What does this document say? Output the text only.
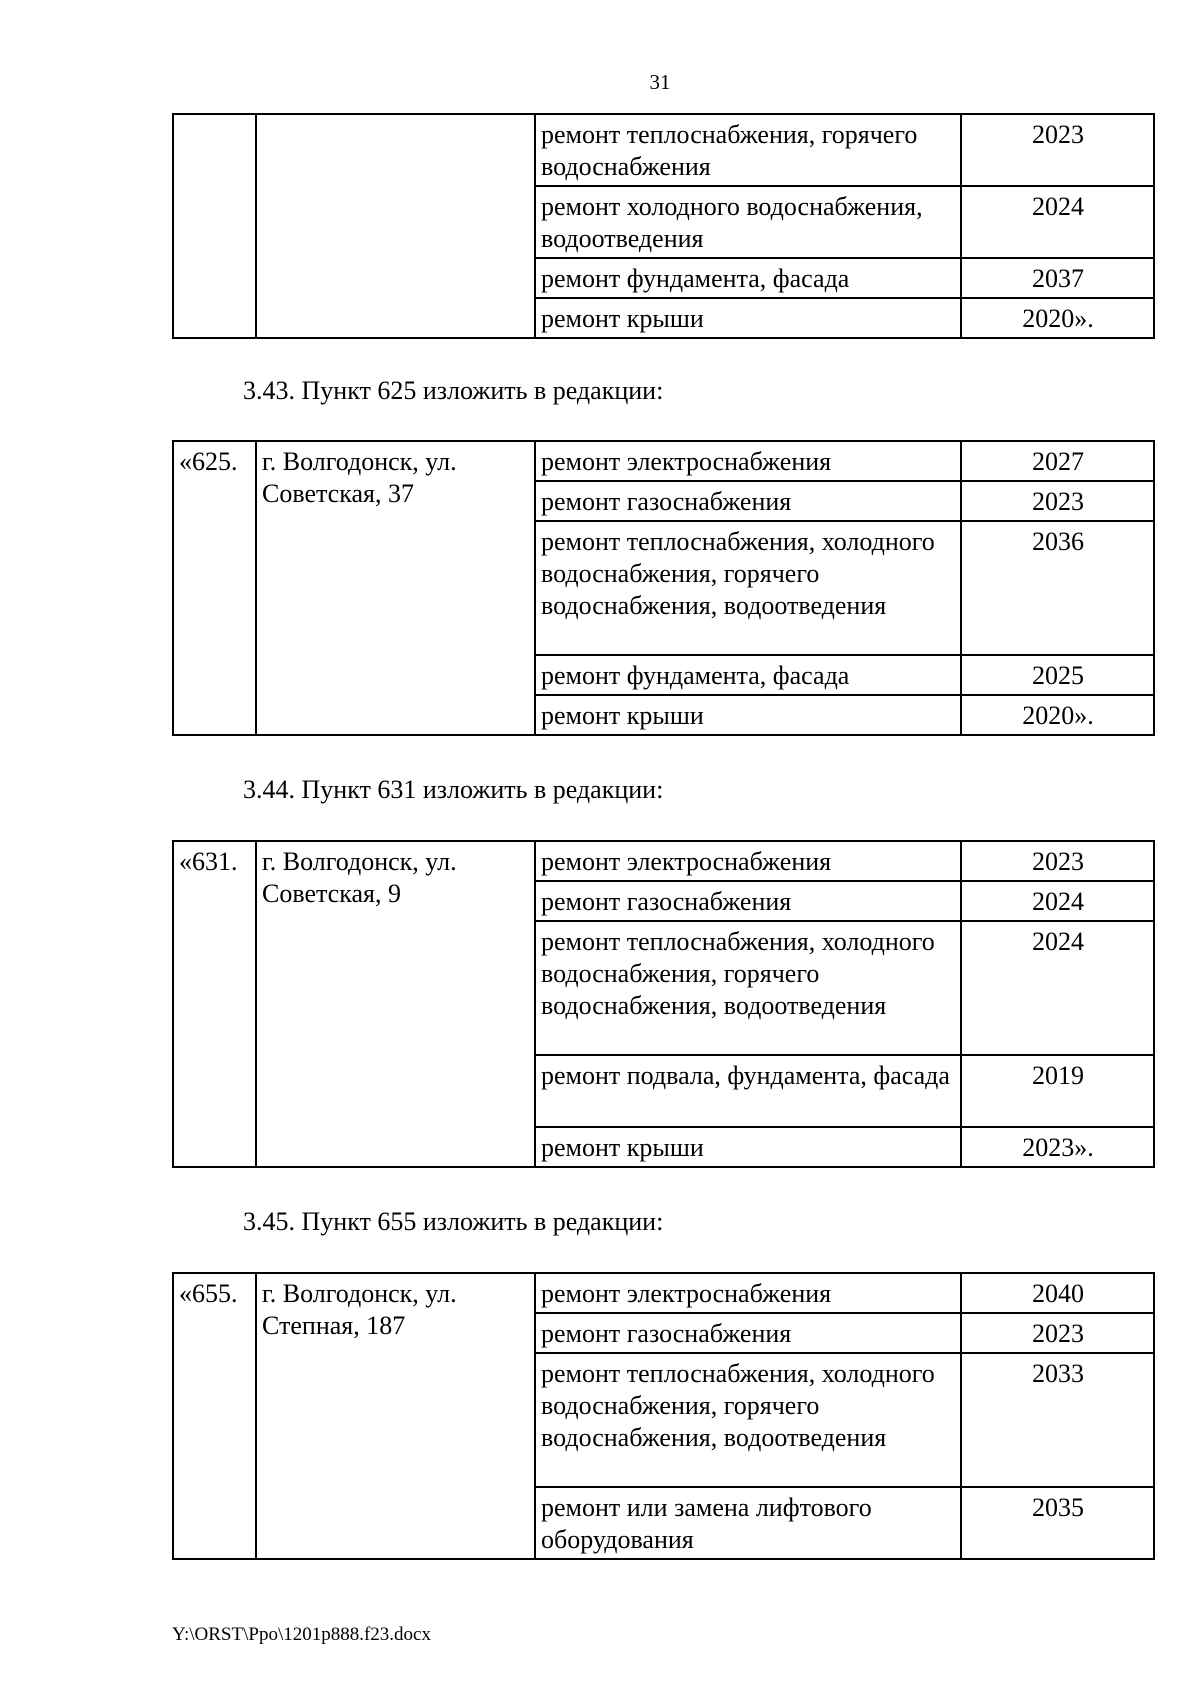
31
		ремонт теплоснабжения, горячего водоснабжения	2023
		ремонт холодного водоснабжения, водоотведения	2024
		ремонт фундамента, фасада	2037
		ремонт крыши	2020».
3.43. Пункт 625 изложить в редакции:
«625.	г. Волгодонск, ул. Советская, 37	ремонт электроснабжения	2027
		ремонт газоснабжения	2023
		ремонт теплоснабжения, холодного водоснабжения, горячего водоснабжения, водоотведения	2036
		ремонт фундамента, фасада	2025
		ремонт крыши	2020».
3.44. Пункт 631 изложить в редакции:
«631.	г. Волгодонск, ул. Советская, 9	ремонт электроснабжения	2023
		ремонт газоснабжения	2024
		ремонт теплоснабжения, холодного водоснабжения, горячего водоснабжения, водоотведения	2024
		ремонт подвала, фундамента, фасада	2019
		ремонт крыши	2023».
3.45. Пункт 655 изложить в редакции:
«655.	г. Волгодонск, ул. Степная, 187	ремонт электроснабжения	2040
		ремонт газоснабжения	2023
		ремонт теплоснабжения, холодного водоснабжения, горячего водоснабжения, водоотведения	2033
		ремонт или замена лифтового оборудования	2035
Y:\ORST\Ppo\1201p888.f23.docx
